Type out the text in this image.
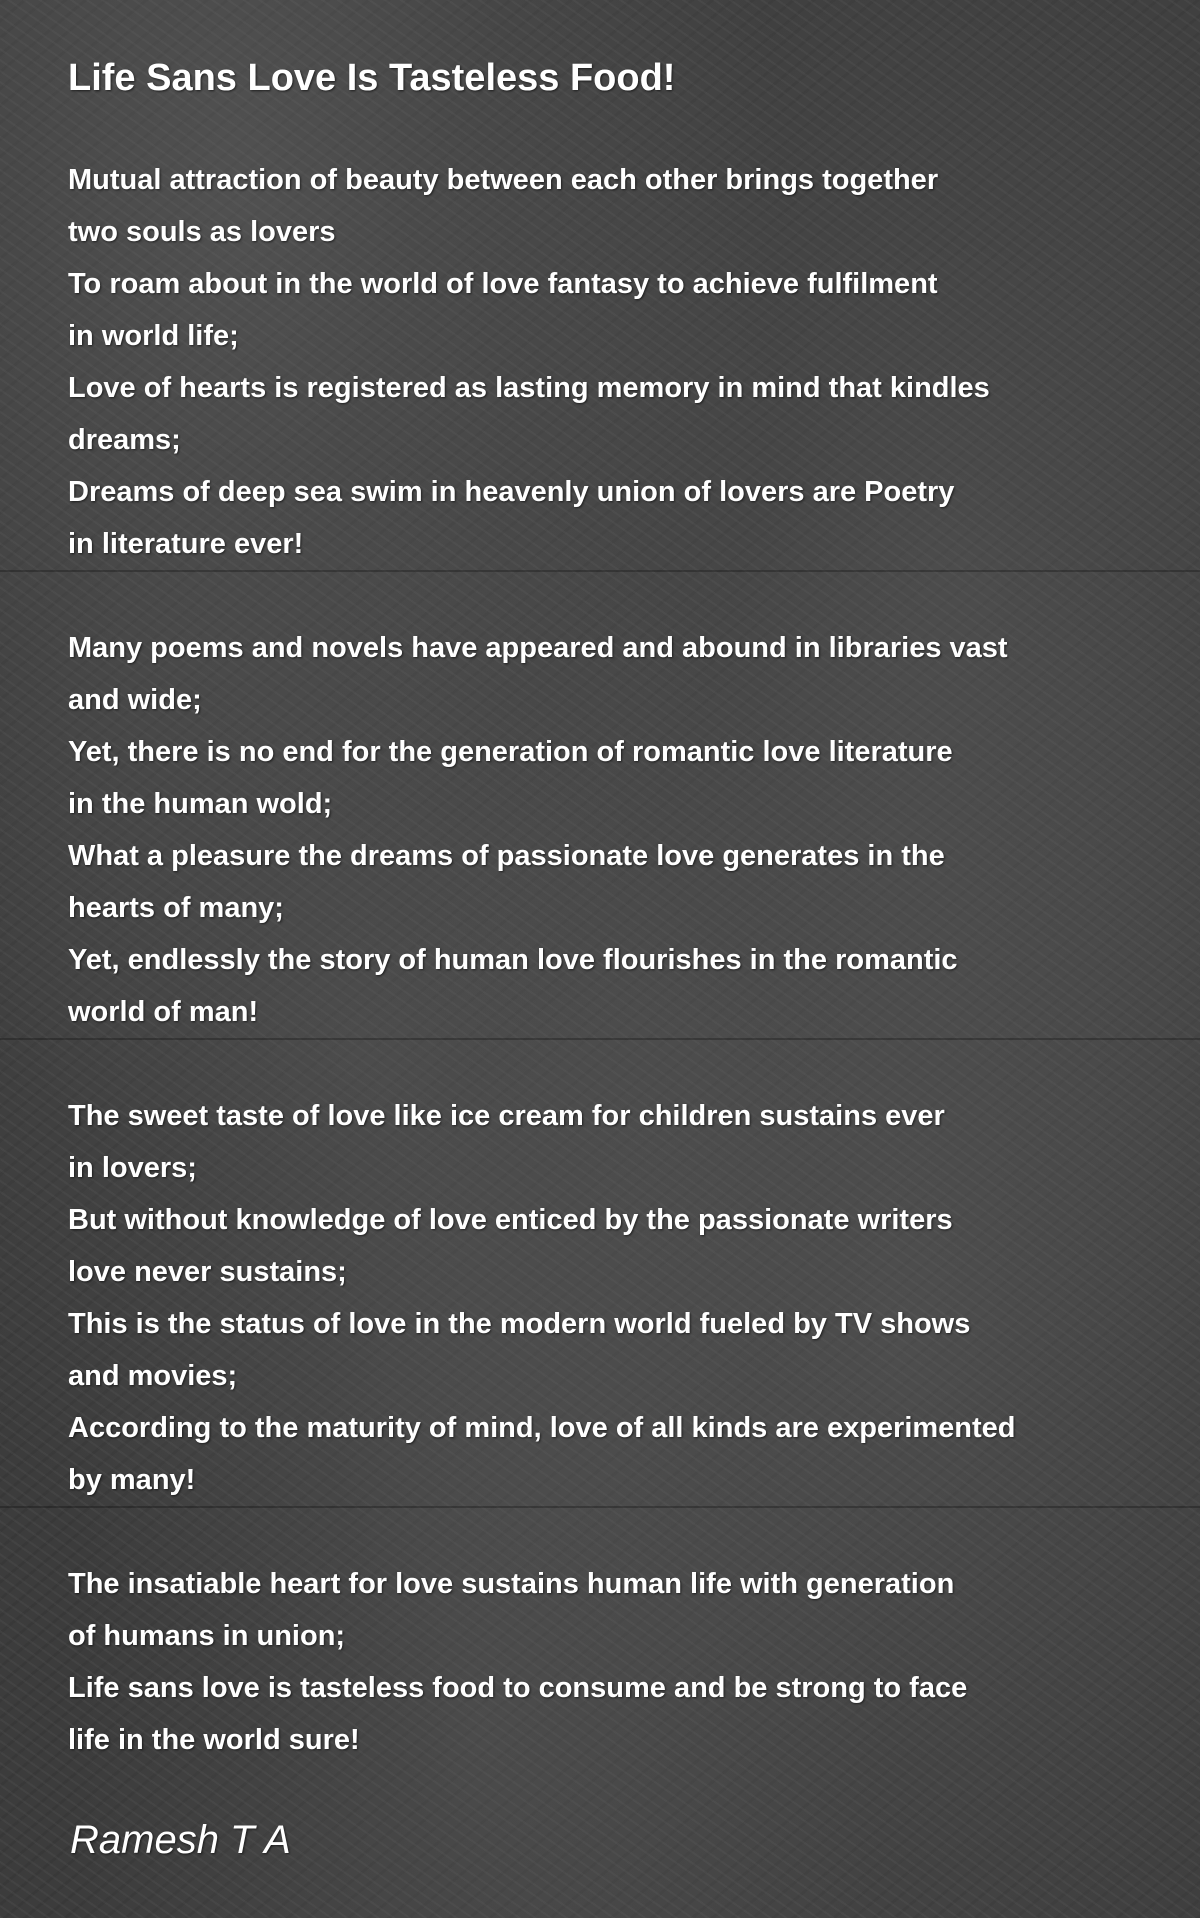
Life Sans Love Is Tasteless Food!
Mutual attraction of beauty between each other brings together
two souls as lovers
To roam about in the world of love fantasy to achieve fulfilment
in world life;
Love of hearts is registered as lasting memory in mind that kindles
dreams;
Dreams of deep sea swim in heavenly union of lovers are Poetry
in literature ever!
Many poems and novels have appeared and abound in libraries vast
and wide;
Yet, there is no end for the generation of romantic love literature
in the human wold;
What a pleasure the dreams of passionate love generates in the
hearts of many;
Yet, endlessly the story of human love flourishes in the romantic
world of man!
The sweet taste of love like ice cream for children sustains ever
in lovers;
But without knowledge of love enticed by the passionate writers
love never sustains;
This is the status of love in the modern world fueled by TV shows
and movies;
According to the maturity of mind, love of all kinds are experimented
by many!
The insatiable heart for love sustains human life with generation
of humans in union;
Life sans love is tasteless food to consume and be strong to face
life in the world sure!
Ramesh T A
